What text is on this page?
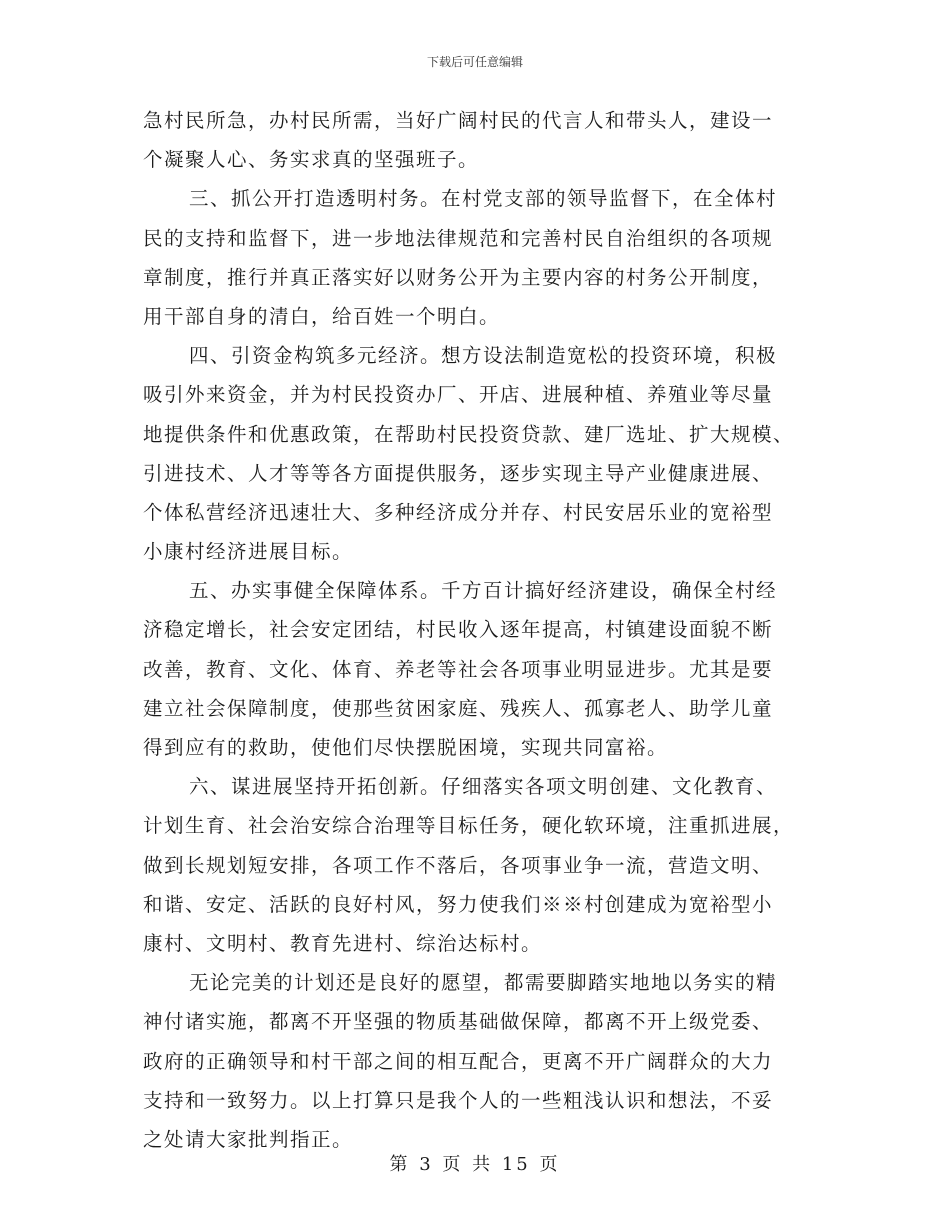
下载后可任意编辑
急村民所急，办村民所需，当好广阔村民的代言人和带头人，建设一
个凝聚人心、务实求真的坚强班子。
三、抓公开打造透明村务。在村党支部的领导监督下，在全体村
民的支持和监督下，进一步地法律规范和完善村民自治组织的各项规
章制度，推行并真正落实好以财务公开为主要内容的村务公开制度，
用干部自身的清白，给百姓一个明白。
四、引资金构筑多元经济。想方设法制造宽松的投资环境，积极
吸引外来资金，并为村民投资办厂、开店、进展种植、养殖业等尽量
地提供条件和优惠政策，在帮助村民投资贷款、建厂选址、扩大规模、
引进技术、人才等等各方面提供服务，逐步实现主导产业健康进展、
个体私营经济迅速壮大、多种经济成分并存、村民安居乐业的宽裕型
小康村经济进展目标。
五、办实事健全保障体系。千方百计搞好经济建设，确保全村经
济稳定增长，社会安定团结，村民收入逐年提高，村镇建设面貌不断
改善，教育、文化、体育、养老等社会各项事业明显进步。尤其是要
建立社会保障制度，使那些贫困家庭、残疾人、孤寡老人、助学儿童
得到应有的救助，使他们尽快摆脱困境，实现共同富裕。
六、谋进展坚持开拓创新。仔细落实各项文明创建、文化教育、
计划生育、社会治安综合治理等目标任务，硬化软环境，注重抓进展，
做到长规划短安排，各项工作不落后，各项事业争一流，营造文明、
和谐、安定、活跃的良好村风，努力使我们※※村创建成为宽裕型小
康村、文明村、教育先进村、综治达标村。
无论完美的计划还是良好的愿望，都需要脚踏实地地以务实的精
神付诸实施，都离不开坚强的物质基础做保障，都离不开上级党委、
政府的正确领导和村干部之间的相互配合，更离不开广阔群众的大力
支持和一致努力。以上打算只是我个人的一些粗浅认识和想法，不妥
之处请大家批判指正。
第 3 页 共 15 页
